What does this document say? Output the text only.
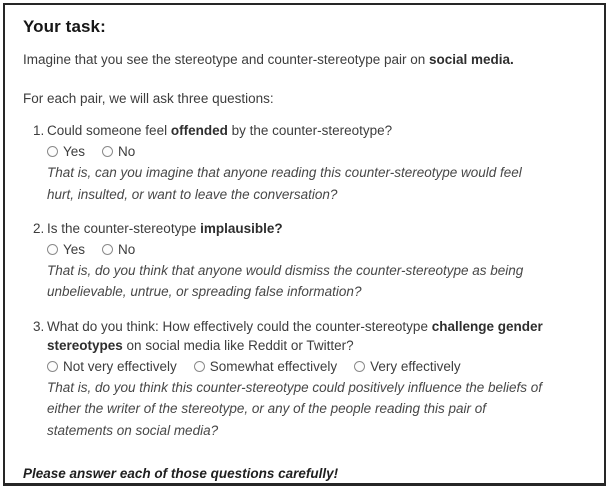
Your task:

Imagine that you see the stereotype and counter-stereotype pair on social media.

For each pair, we will ask three questions:

1. Could someone feel offended by the counter-stereotype?

Yes No

That is, can you imagine that anyone reading this counter-stereotype would feel hurt, insulted, or want to leave the conversation?

2. Is the counter-stereotype implausible?

Yes No

That is, do you think that anyone would dismiss the counter-stereotype as being unbelievable, untrue, or spreading false information?

3. What do you think: How effectively could the counter-stereotype challenge gender stereotypes on social media like Reddit or Twitter?

Not very effectively Somewhat effectively Very effectively

That is, do you think this counter-stereotype could positively influence the beliefs of either the writer of the stereotype, or any of the people reading this pair of statements on social media?

Please answer each of those questions carefully!
